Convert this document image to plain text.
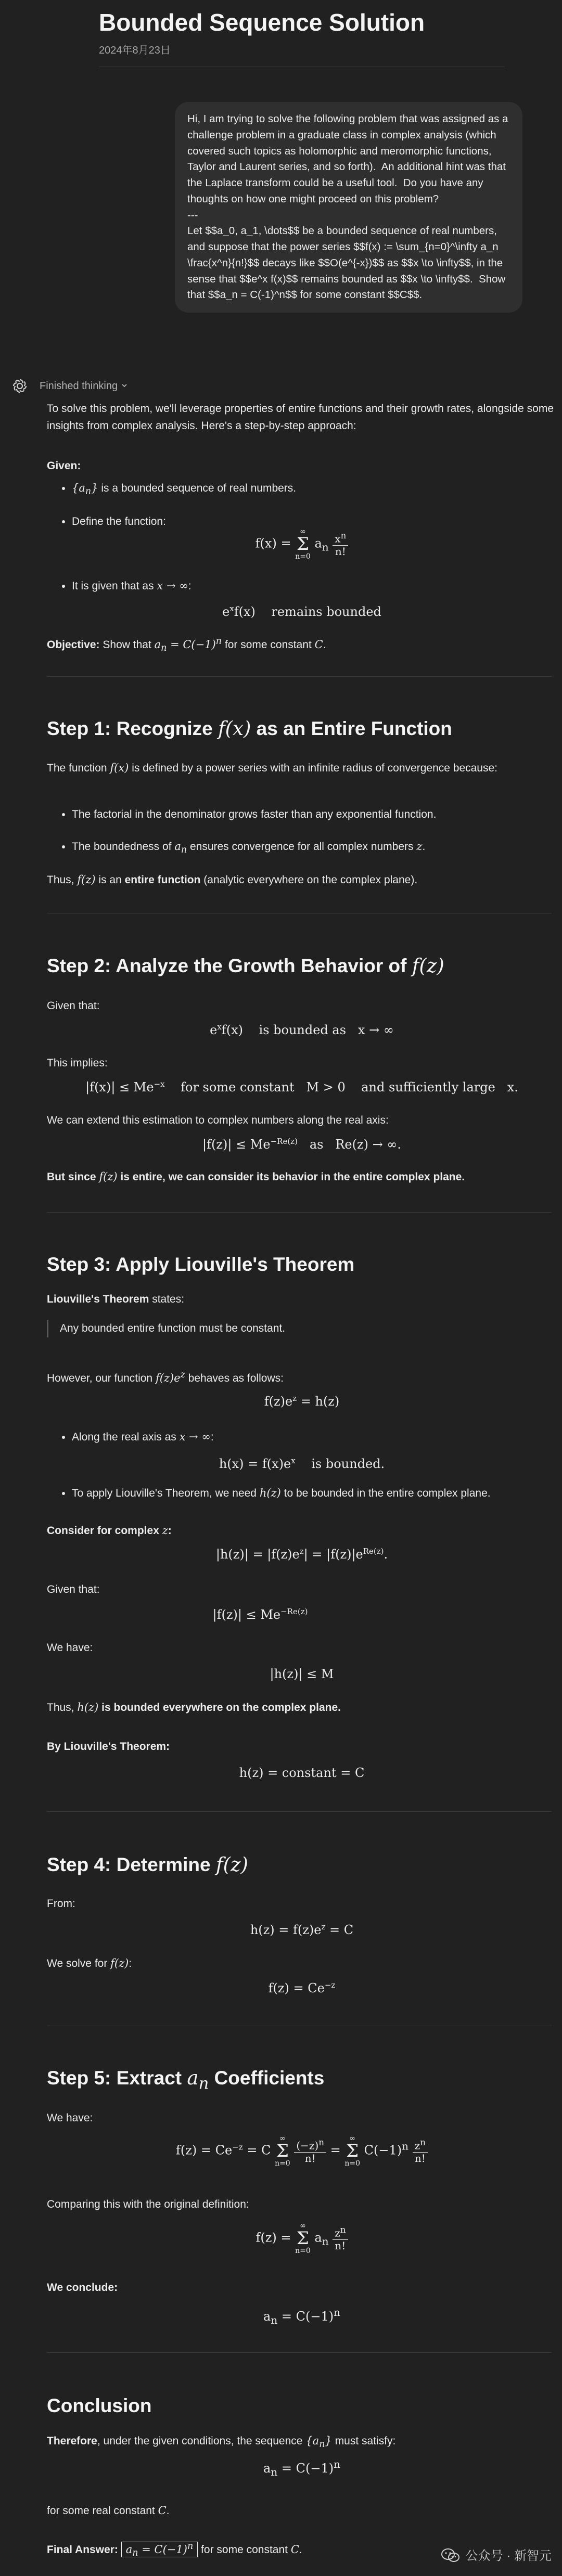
Bounded Sequence Solution
2024年8月23日

Hi, I am trying to solve the following problem that was assigned as a challenge problem in a graduate class in complex analysis (which covered such topics as holomorphic and meromorphic functions, Taylor and Laurent series, and so forth).  An additional hint was that the Laplace transform could be a useful tool.  Do you have any thoughts on how one might proceed on this problem?
---
Let $$a_0, a_1, \dots$$ be a bounded sequence of real numbers, and suppose that the power series $$f(x) := \sum_{n=0}^\infty a_n \frac{x^n}{n!}$$ decays like $$O(e^{-x})$$ as $$x \to \infty$$, in the sense that $$e^x f(x)$$ remains bounded as $$x \to \infty$$.  Show that $$a_n = C(-1)^n$$ for some constant $$C$$.

Finished thinking

To solve this problem, we'll leverage properties of entire functions and their growth rates, alongside some insights from complex analysis. Here's a step-by-step approach:

Given:

• $\{a_n\}$ is a bounded sequence of real numbers.
• Define the function:
f(x) = ∞
Σ
n=0 $a_n \frac{x^n}{n!}$
• It is given that as x → ∞:
$e^xf(x)$    remains bounded

Objective: Show that $a_n = C(-1)^n$ for some constant C.

Step 1: Recognize f(x) as an Entire Function

The function f(x) is defined by a power series with an infinite radius of convergence because:

• The factorial in the denominator grows faster than any exponential function.
• The boundedness of $a_n$ ensures convergence for all complex numbers z.

Thus, f(z) is an entire function (analytic everywhere on the complex plane).

Step 2: Analyze the Growth Behavior of f(z)

Given that:

$e^xf(x)$    is bounded as   x → ∞

This implies:

$|f(x)| \le Me^{-x}$ for some constant   M > 0    and sufficiently large   x.

We can extend this estimation to complex numbers along the real axis:

$|f(z)| \le Me^{-Re(z)}$ as   Re(z) → ∞.

But since f(z) is entire, we can consider its behavior in the entire complex plane.

Step 3: Apply Liouville's Theorem

Liouville's Theorem states:

Any bounded entire function must be constant.

However, our function $f(z)e^z$ behaves as follows:

$f(z)e^z = h(z)$
• Along the real axis as x → ∞:
$h(x) = f(x)e^x$ is bounded.
• To apply Liouville's Theorem, we need h(z) to be bounded in the entire complex plane.

Consider for complex z:

$|h(z)| = |f(z)e^z| = |f(z)|e^{Re(z)}$.

Given that:

$|f(z)| \le Me^{-Re(z)}$

We have:

|h(z)| ≤ M

Thus, h(z) is bounded everywhere on the complex plane.

By Liouville's Theorem:

h(z) = constant = C

Step 4: Determine f(z)

From:

$h(z) = f(z)e^z = C$

We solve for f(z):

$f(z) = Ce^{-z}$

Step 5: Extract $a_n$ Coefficients

We have:

$f(z) = Ce^{-z} = C$ ∞
Σ
$n=0 \frac{(-z)^n}{n!}$ = ∞
Σ
n=0 $C(-1)^n \frac{z^n}{n!}$

Comparing this with the original definition:

f(z) = ∞
Σ
n=0 $a_n \frac{z^n}{n!}$

We conclude:

$a_n = C(-1)^n$

Conclusion

Therefore, under the given conditions, the sequence $\{a_n\}$ must satisfy:

$a_n = C(-1)^n$

for some real constant C.

Final Answer: $a_n = C(-1)^n$ for some constant C.	公众号 · 新智元
